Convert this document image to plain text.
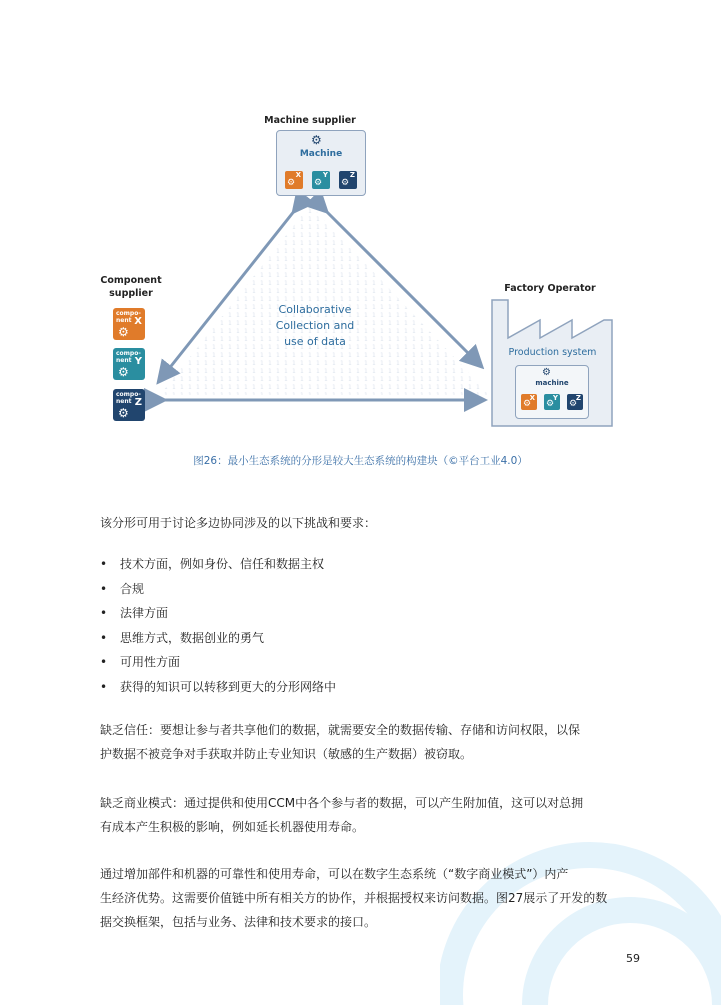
Machine supplier
⚙
Machine
X
⚙
Y
⚙
Z
⚙
Component
supplier
compo-
nent X
⚙
compo-
nent Y
⚙
compo-
nent Z
⚙
Collaborative
Collection and
use of data
Factory Operator
Production system
⚙
machine
X
⚙
Y
⚙
Z
⚙
图26：最小生态系统的分形是较大生态系统的构建块（©平台工业4.0）
该分形可用于讨论多边协同涉及的以下挑战和要求：
• 技术方面，例如身份、信任和数据主权
• 合规
• 法律方面
• 思维方式，数据创业的勇气
• 可用性方面
• 获得的知识可以转移到更大的分形网络中
缺乏信任：要想让参与者共享他们的数据，就需要安全的数据传输、存储和访问权限，以保
护数据不被竞争对手获取并防止专业知识（敏感的生产数据）被窃取。
缺乏商业模式：通过提供和使用CCM中各个参与者的数据，可以产生附加值，这可以对总拥
有成本产生积极的影响，例如延长机器使用寿命。
通过增加部件和机器的可靠性和使用寿命，可以在数字生态系统（“数字商业模式”）内产
生经济优势。这需要价值链中所有相关方的协作，并根据授权来访问数据。图27展示了开发的数
据交换框架，包括与业务、法律和技术要求的接口。
59
